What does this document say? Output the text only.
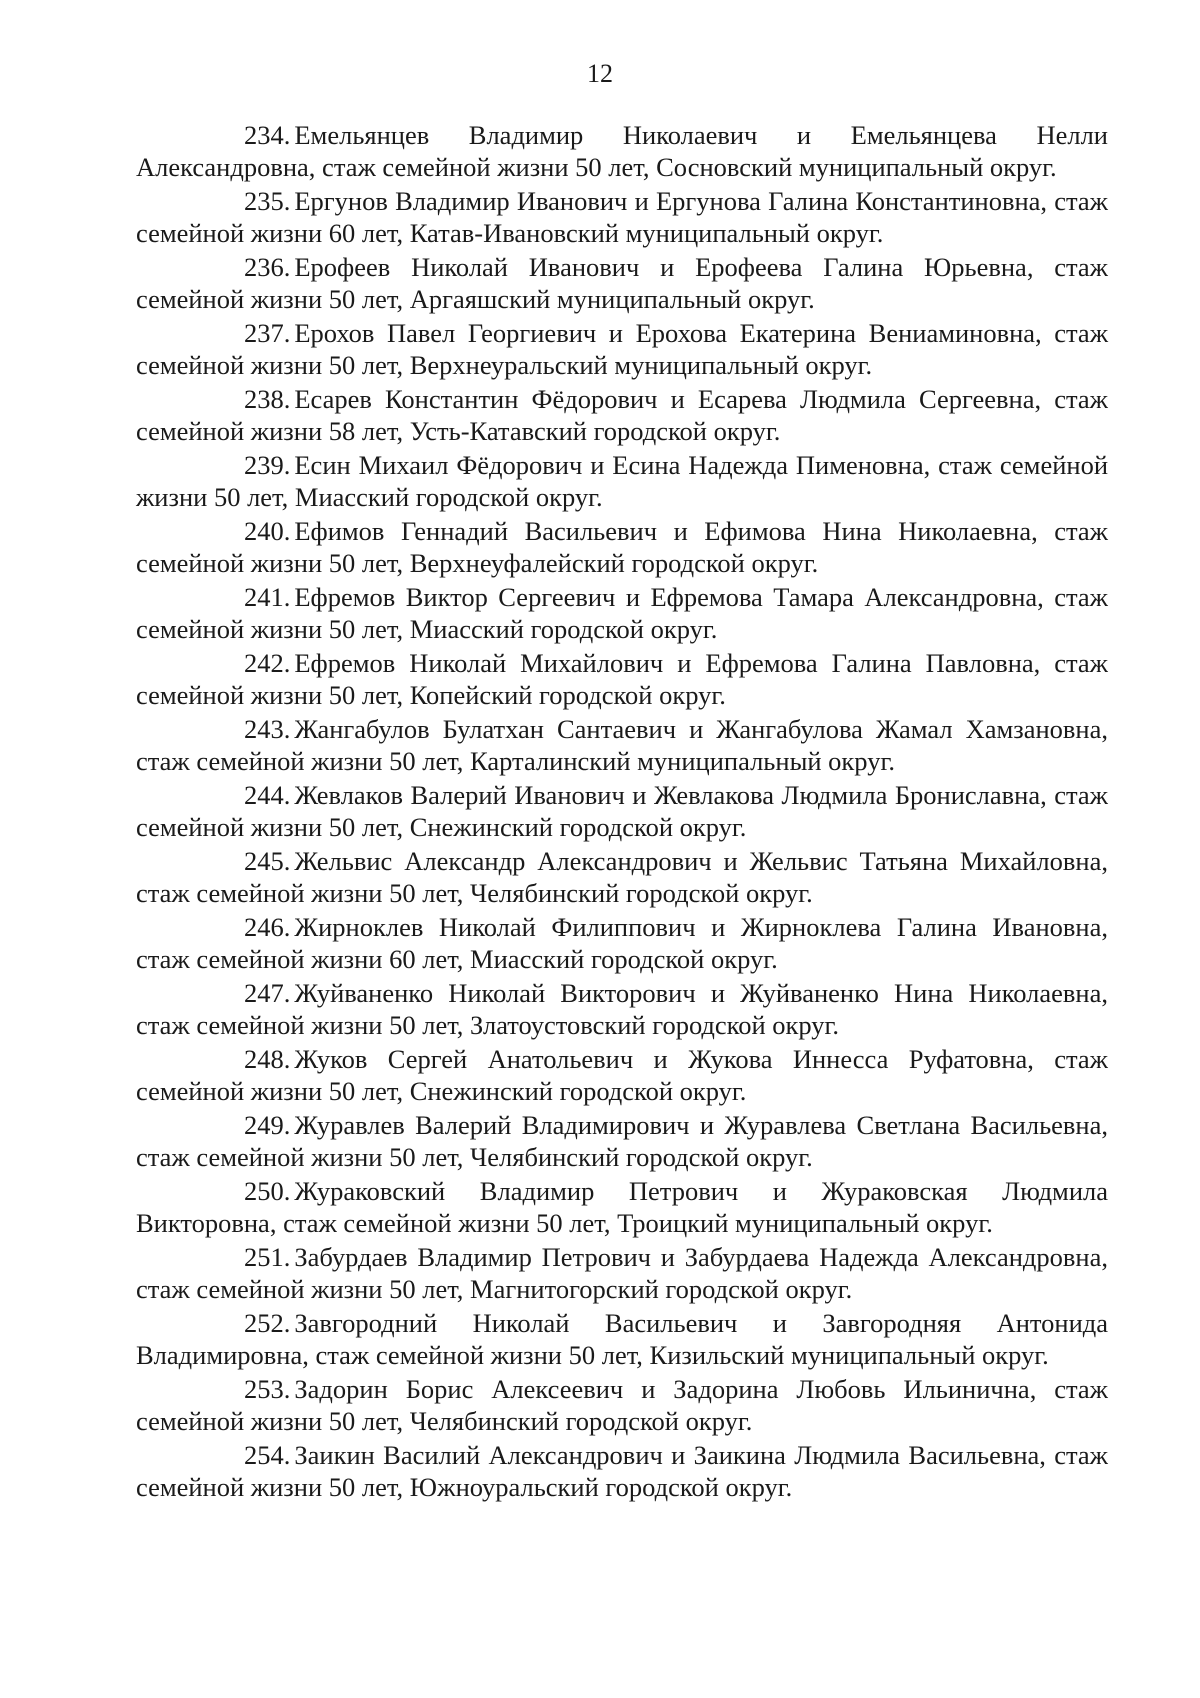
12

234. Емельянцев Владимир Николаевич и Емельянцева Нелли Александровна, стаж семейной жизни 50 лет, Сосновский муниципальный округ.

235. Ергунов Владимир Иванович и Ергунова Галина Константиновна, стаж семейной жизни 60 лет, Катав-Ивановский муниципальный округ.

236. Ерофеев Николай Иванович и Ерофеева Галина Юрьевна, стаж семейной жизни 50 лет, Аргаяшский муниципальный округ.

237. Ерохов Павел Георгиевич и Ерохова Екатерина Вениаминовна, стаж семейной жизни 50 лет, Верхнеуральский муниципальный округ.

238. Есарев Константин Фёдорович и Есарева Людмила Сергеевна, стаж семейной жизни 58 лет, Усть-Катавский городской округ.

239. Есин Михаил Фёдорович и Есина Надежда Пименовна, стаж семейной жизни 50 лет, Миасский городской округ.

240. Ефимов Геннадий Васильевич и Ефимова Нина Николаевна, стаж семейной жизни 50 лет, Верхнеуфалейский городской округ.

241. Ефремов Виктор Сергеевич и Ефремова Тамара Александровна, стаж семейной жизни 50 лет, Миасский городской округ.

242. Ефремов Николай Михайлович и Ефремова Галина Павловна, стаж семейной жизни 50 лет, Копейский городской округ.

243. Жангабулов Булатхан Сантаевич и Жангабулова Жамал Хамзановна, стаж семейной жизни 50 лет, Карталинский муниципальный округ.

244. Жевлаков Валерий Иванович и Жевлакова Людмила Брониславна, стаж семейной жизни 50 лет, Снежинский городской округ.

245. Жельвис Александр Александрович и Жельвис Татьяна Михайловна, стаж семейной жизни 50 лет, Челябинский городской округ.

246. Жирноклев Николай Филиппович и Жирноклева Галина Ивановна, стаж семейной жизни 60 лет, Миасский городской округ.

247. Жуйваненко Николай Викторович и Жуйваненко Нина Николаевна, стаж семейной жизни 50 лет, Златоустовский городской округ.

248. Жуков Сергей Анатольевич и Жукова Иннесса Руфатовна, стаж семейной жизни 50 лет, Снежинский городской округ.

249. Журавлев Валерий Владимирович и Журавлева Светлана Васильевна, стаж семейной жизни 50 лет, Челябинский городской округ.

250. Жураковский Владимир Петрович и Жураковская Людмила Викторовна, стаж семейной жизни 50 лет, Троицкий муниципальный округ.

251. Забурдаев Владимир Петрович и Забурдаева Надежда Александровна, стаж семейной жизни 50 лет, Магнитогорский городской округ.

252. Завгородний Николай Васильевич и Завгородняя Антонида Владимировна, стаж семейной жизни 50 лет, Кизильский муниципальный округ.

253. Задорин Борис Алексеевич и Задорина Любовь Ильинична, стаж семейной жизни 50 лет, Челябинский городской округ.

254. Заикин Василий Александрович и Заикина Людмила Васильевна, стаж семейной жизни 50 лет, Южноуральский городской округ.
